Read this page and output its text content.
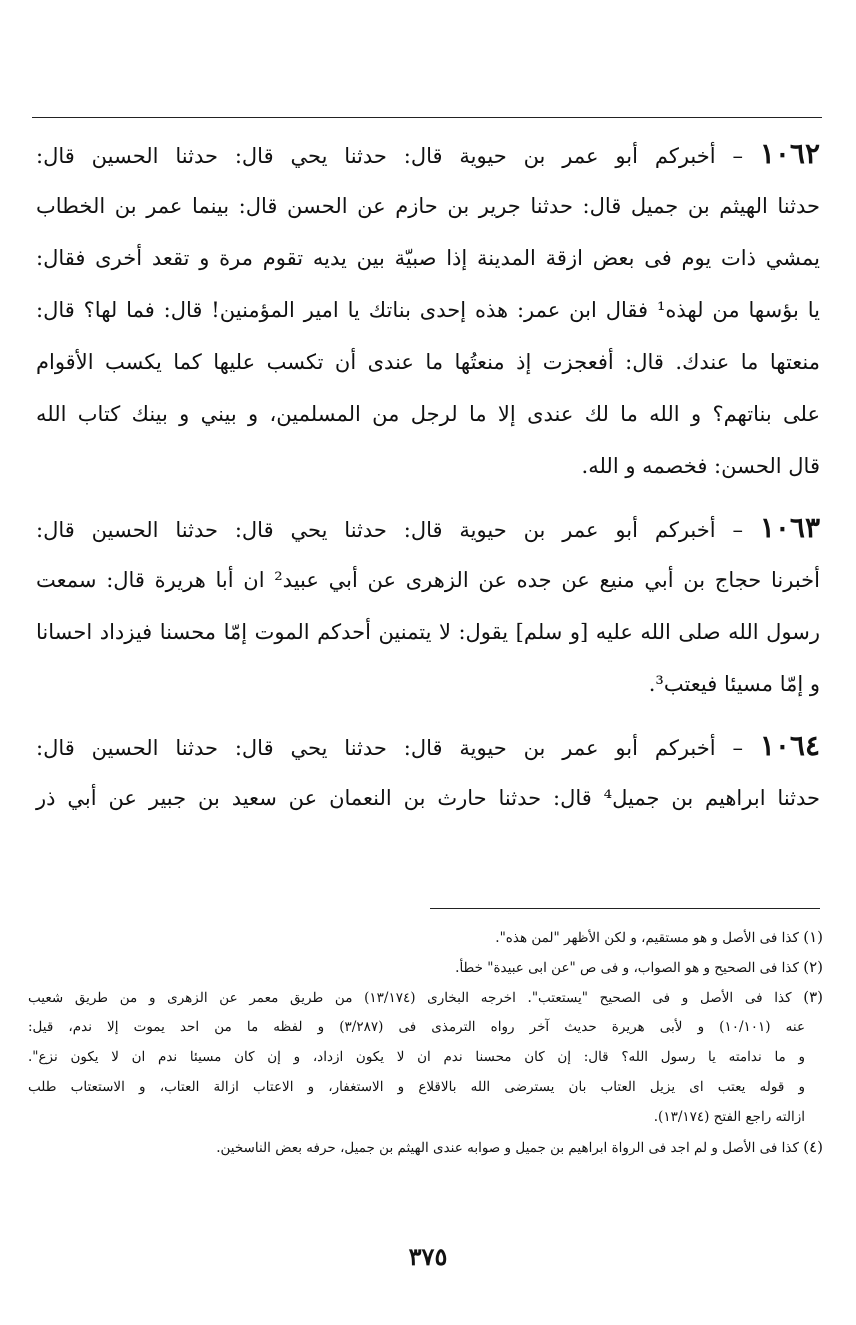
١٠٦٢ – أخبركم أبو عمر بن حيوية قال: حدثنا يحي قال: حدثنا الحسين قال:
حدثنا الهيثم بن جميل قال: حدثنا جرير بن حازم عن الحسن قال: بينما عمر بن الخطاب
يمشي ذات يوم فى بعض ازقة المدينة إذا صبيّة بين يديه تقوم مرة و تقعد أخرى فقال:
يا بؤسها من لهذه¹ فقال ابن عمر: هذه إحدى بناتك يا امير المؤمنين! قال: فما لها؟ قال:
منعتها ما عندك. قال: أفعجزت إذ منعتُها ما عندى أن تكسب عليها كما يكسب الأقوام
على بناتهم؟ و الله ما لك عندى إلا ما لرجل من المسلمين، و بيني و بينك كتاب الله
قال الحسن: فخصمه و الله.
١٠٦٣ – أخبركم أبو عمر بن حيوية قال: حدثنا يحي قال: حدثنا الحسين قال:
أخبرنا حجاج بن أبي منيع عن جده عن الزهرى عن أبي عبيد² ان أبا هريرة قال: سمعت
رسول الله صلى الله عليه [و سلم] يقول: لا يتمنين أحدكم الموت إمّا محسنا فيزداد احسانا
و إمّا مسيئا فيعتب³.
١٠٦٤ – أخبركم أبو عمر بن حيوية قال: حدثنا يحي قال: حدثنا الحسين قال:
حدثنا ابراهيم بن جميل⁴ قال: حدثنا حارث بن النعمان عن سعيد بن جبير عن أبي ذر
(١) كذا فى الأصل و هو مستقيم، و لكن الأظهر "لمن هذه".
(٢) كذا فى الصحيح و هو الصواب، و فى ص "عن ابى عبيدة" خطأ.
(٣) كذا فى الأصل و فى الصحيح "يستعتب". اخرجه البخارى (١٣/١٧٤) من طريق معمر عن الزهرى و من طريق شعيب
عنه (١٠/١٠١) و لأبى هريرة حديث آخر رواه الترمذى فى (٣/٢٨٧) و لفظه ما من احد يموت إلا ندم، قيل:
و ما ندامته يا رسول الله؟ قال: إن كان محسنا ندم ان لا يكون ازداد، و إن كان مسيئا ندم ان لا يكون نزع".
و قوله يعتب اى يزيل العتاب بان يسترضى الله بالاقلاع و الاستغفار، و الاعتاب ازالة العتاب، و الاستعتاب طلب
ازالته راجع الفتح (١٣/١٧٤).
(٤) كذا فى الأصل و لم اجد فى الرواة ابراهيم بن جميل و صوابه عندى الهيثم بن جميل، حرفه بعض الناسخين.
٣٧٥
